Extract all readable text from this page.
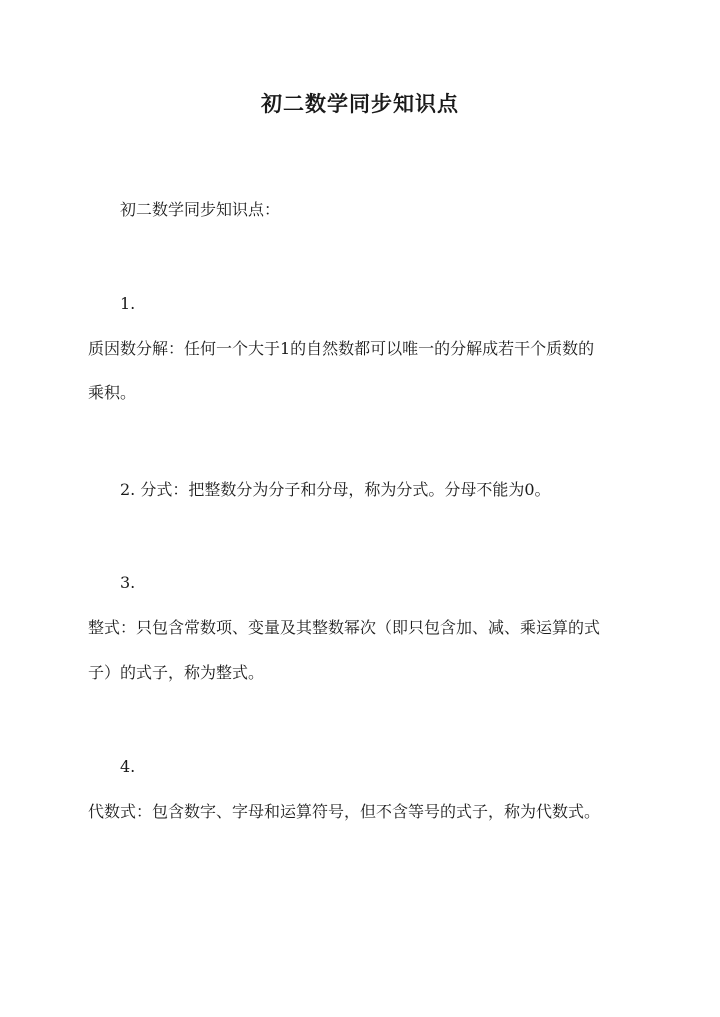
初二数学同步知识点
初二数学同步知识点：
1.
质因数分解：任何一个大于1的自然数都可以唯一的分解成若干个质数的
乘积。
2. 分式：把整数分为分子和分母，称为分式。分母不能为0。
3.
整式：只包含常数项、变量及其整数幂次（即只包含加、减、乘运算的式
子）的式子，称为整式。
4.
代数式：包含数字、字母和运算符号，但不含等号的式子，称为代数式。
